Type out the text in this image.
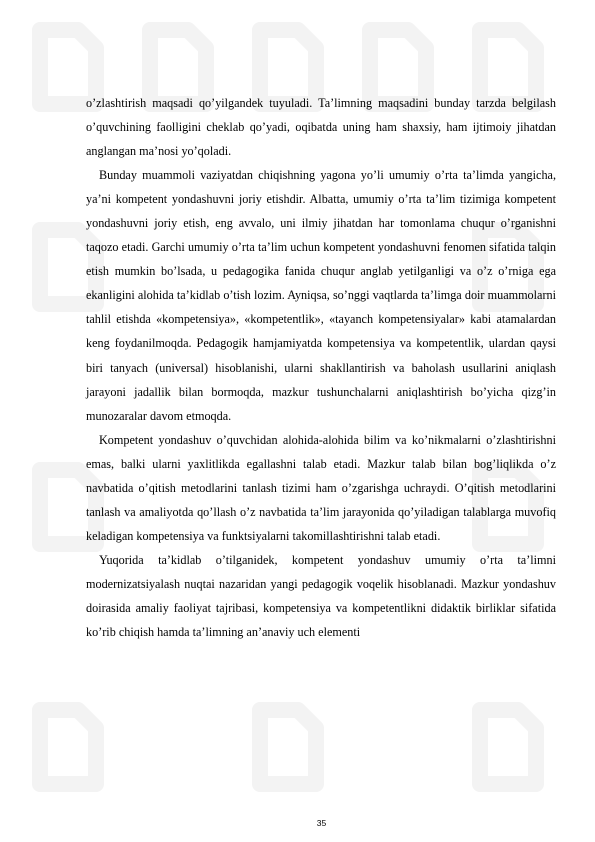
o’zlashtirish maqsadi qo’yilgandek tuyuladi. Ta’limning maqsadini bunday tarzda belgilash o’quvchining faolligini cheklab qo’yadi, oqibatda uning ham shaxsiy, ham ijtimoiy jihatdan anglangan ma’nosi yo’qoladi.

Bunday muammoli vaziyatdan chiqishning yagona yo’li umumiy o’rta ta’limda yangicha, ya’ni kompetent yondashuvni joriy etishdir. Albatta, umumiy o’rta ta’lim tizimiga kompetent yondashuvni joriy etish, eng avvalo, uni ilmiy jihatdan har tomonlama chuqur o’rganishni taqozo etadi. Garchi umumiy o’rta ta’lim uchun kompetent yondashuvni fenomen sifatida talqin etish mumkin bo’lsada, u pedagogika fanida chuqur anglab yetilganligi va o’z o’rniga ega ekanligini alohida ta’kidlab o’tish lozim. Ayniqsa, so’nggi vaqtlarda ta’limga doir muammolarni tahlil etishda «kompetensiya», «kompetentlik», «tayanch kompetensiyalar» kabi atamalardan keng foydanilmoqda. Pedagogik hamjamiyatda kompetensiya va kompetentlik, ulardan qaysi biri tanyach (universal) hisoblanishi, ularni shakllantirish va baholash usullarini aniqlash jarayoni jadallik bilan bormoqda, mazkur tushunchalarni aniqlashtirish bo’yicha qizg’in munozaralar davom etmoqda.

Kompetent yondashuv o’quvchidan alohida-alohida bilim va ko’nikmalarni o’zlashtirishni emas, balki ularni yaxlitlikda egallashni talab etadi. Mazkur talab bilan bog’liqlikda o’z navbatida o’qitish metodlarini tanlash tizimi ham o’zgarishga uchraydi. O’qitish metodlarini tanlash va amaliyotda qo’llash o’z navbatida ta’lim jarayonida qo’yiladigan talablarga muvofiq keladigan kompetensiya va funktsiyalarni takomillashtirishni talab etadi.

Yuqorida ta’kidlab o’tilganidek, kompetent yondashuv umumiy o’rta ta’limni modernizatsiyalash nuqtai nazaridan yangi pedagogik voqelik hisoblanadi. Mazkur yondashuv doirasida amaliy faoliyat tajribasi, kompetensiya va kompetentlikni didaktik birliklar sifatida ko’rib chiqish hamda ta’limning an’anaviy uch elementi

35
